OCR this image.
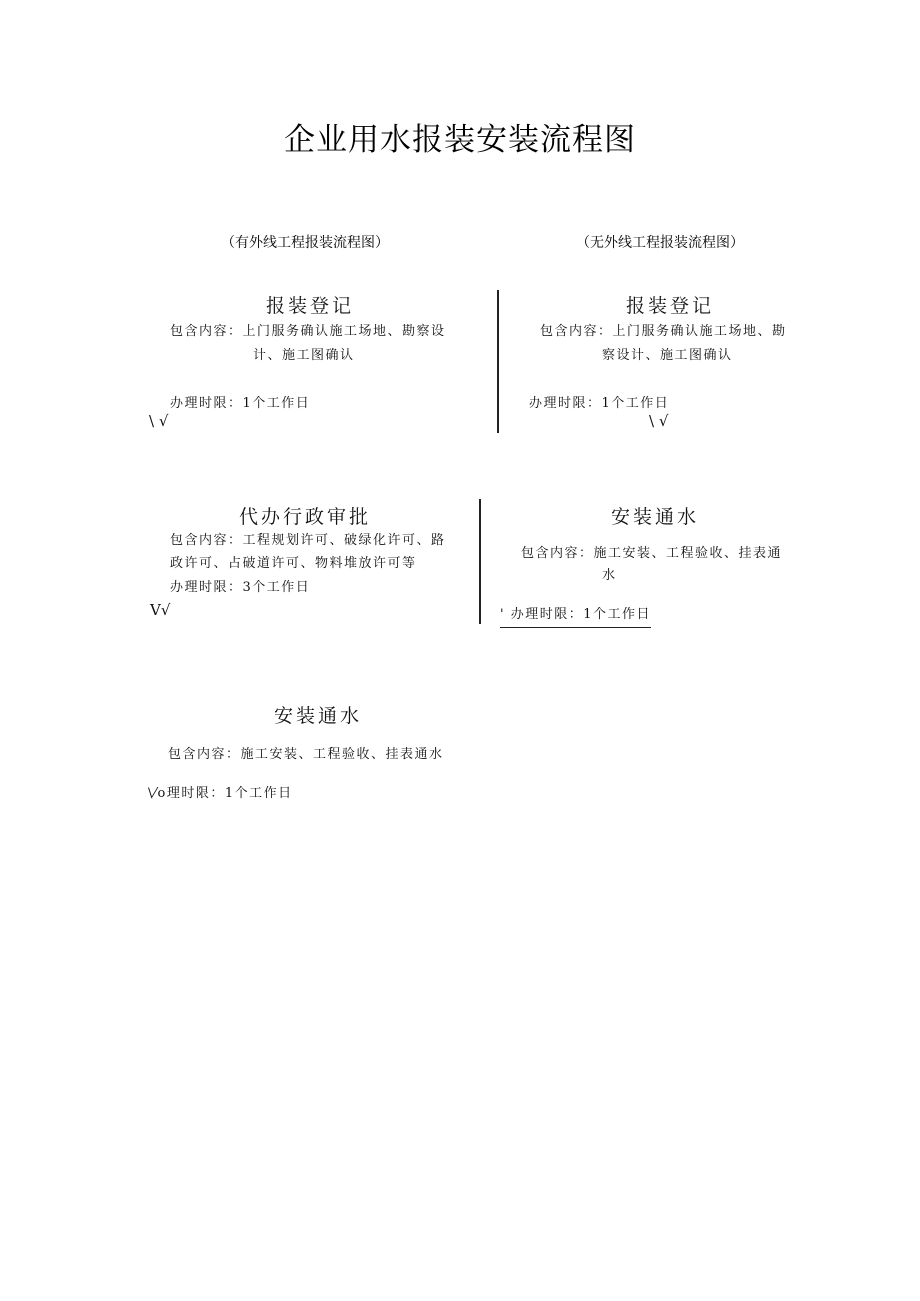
企业用水报装安装流程图
（有外线工程报装流程图）	（无外线工程报装流程图）
报装登记
包含内容：上门服务确认施工场地、勘察设
计、施工图确认
办理时限：1个工作日
\ √
报装登记
包含内容：上门服务确认施工场地、勘
察设计、施工图确认
办理时限：1个工作日
\ √
代办行政审批
包含内容：工程规划许可、破绿化许可、路
政许可、占破道许可、物料堆放许可等
办理时限：3个工作日
V√
安装通水
包含内容：施工安装、工程验收、挂表通
水
' 办理时限：1个工作日
安装通水
包含内容：施工安装、工程验收、挂表通水
\⁄o理时限：1个工作日
